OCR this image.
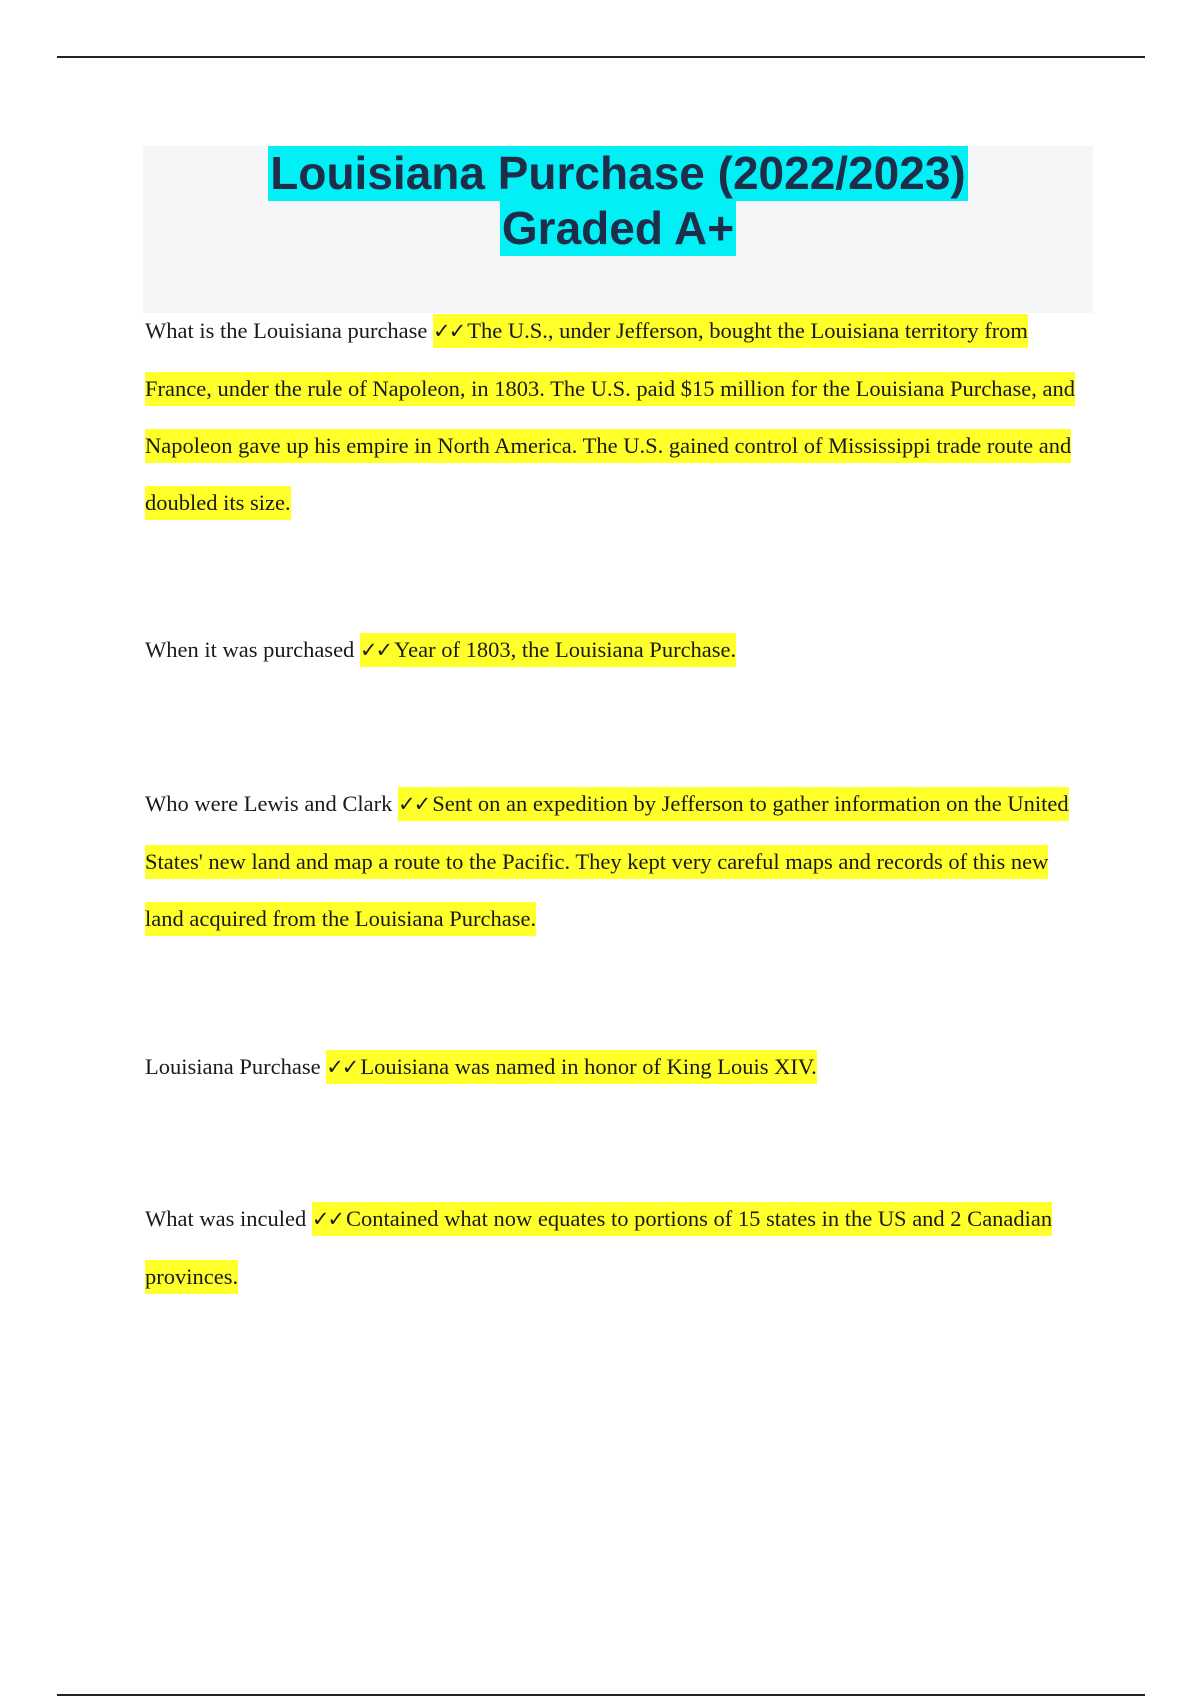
Louisiana Purchase (2022/2023)
Graded A+

What is the Louisiana purchase ✓✓ The U.S., under Jefferson, bought the Louisiana territory from France, under the rule of Napoleon, in 1803. The U.S. paid $15 million for the Louisiana Purchase, and Napoleon gave up his empire in North America. The U.S. gained control of Mississippi trade route and doubled its size.

When it was purchased ✓✓ Year of 1803, the Louisiana Purchase.

Who were Lewis and Clark ✓✓ Sent on an expedition by Jefferson to gather information on the United States' new land and map a route to the Pacific. They kept very careful maps and records of this new land acquired from the Louisiana Purchase.

Louisiana Purchase ✓✓ Louisiana was named in honor of King Louis XIV.

What was inculed ✓✓ Contained what now equates to portions of 15 states in the US and 2 Canadian provinces.
